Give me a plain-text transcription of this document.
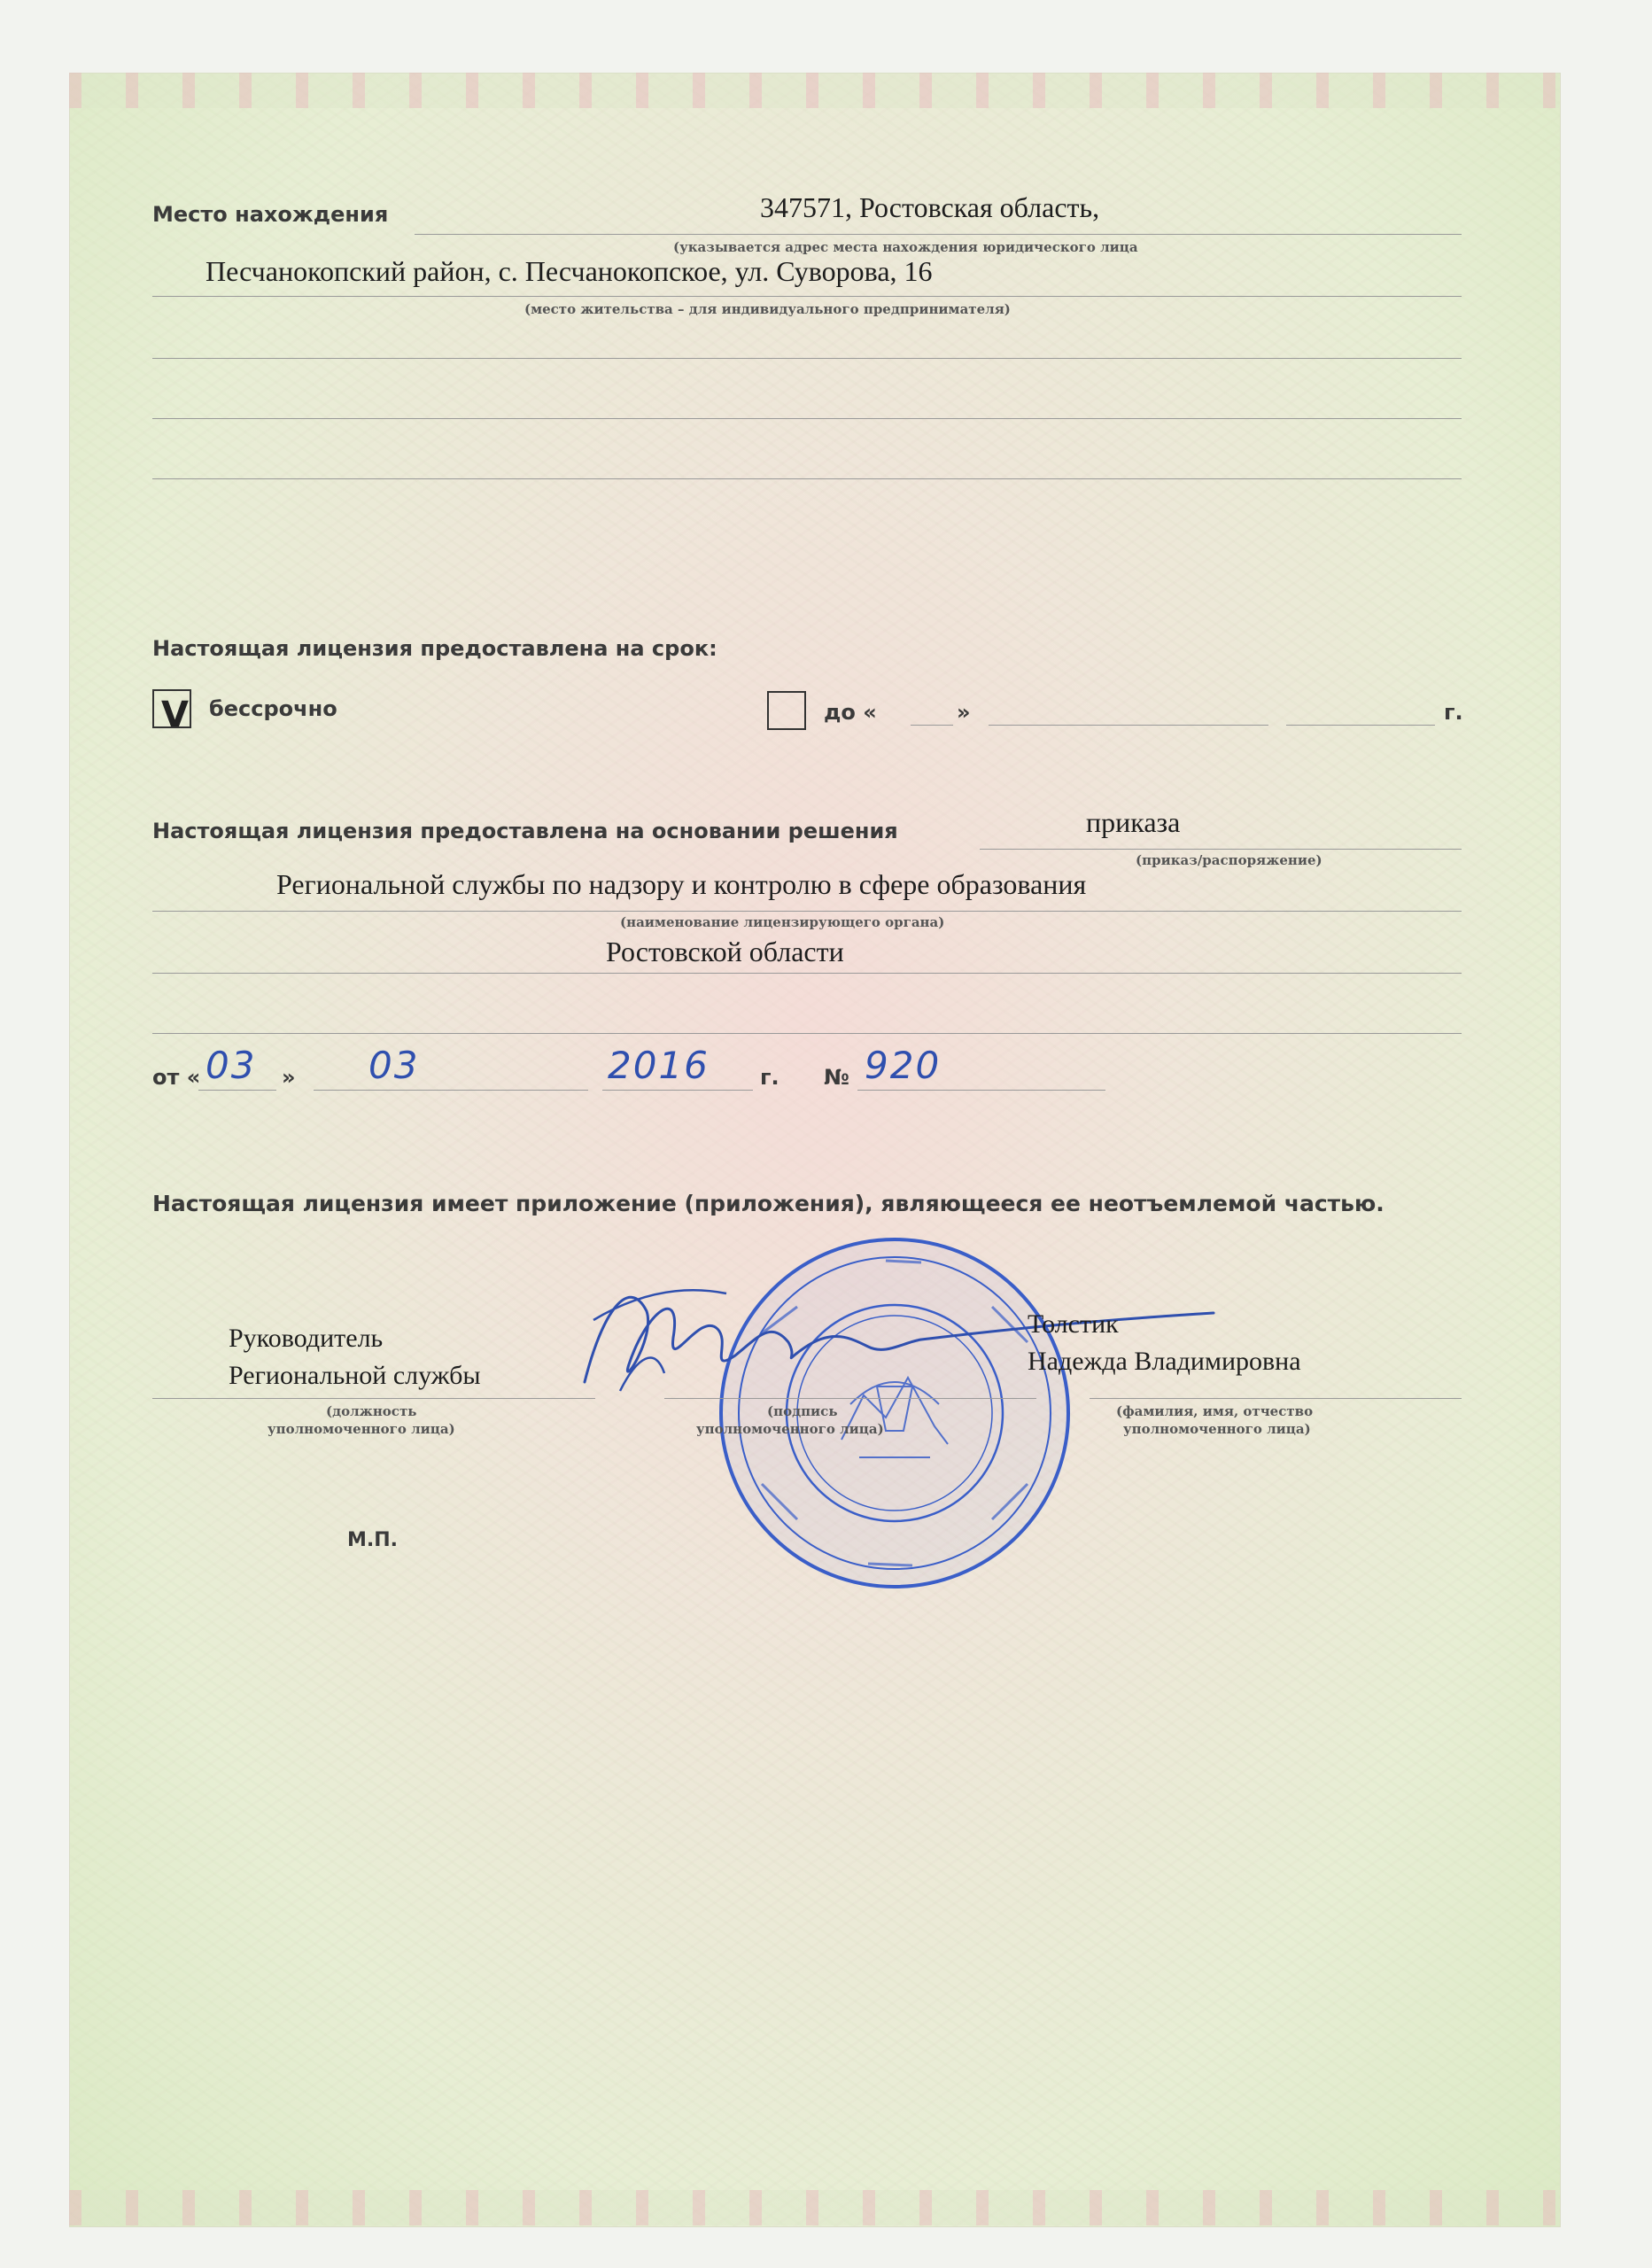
Место нахождения	347571, Ростовская область,
(указывается адрес места нахождения юридического лица
Песчанокопский район, с. Песчанокопское, ул. Суворова, 16
(место жительства – для индивидуального предпринимателя)
Настоящая лицензия предоставлена на срок:
V бессрочно	до «	»	г.
Настоящая лицензия предоставлена на основании решения	приказа
(приказ/распоряжение)
Региональной службы по надзору и контролю в сфере образования
(наименование лицензирующего органа)
Ростовской области
от « 03 » 03	2016 г. № 920
Настоящая лицензия имеет приложение (приложения), являющееся ее неотъемлемой частью.
Руководитель
Региональной службы
(должность
уполномоченного лица)
(подпись
уполномоченного лица)
Толстик
Надежда Владимировна
(фамилия, имя, отчество
уполномоченного лица)
М.П.
